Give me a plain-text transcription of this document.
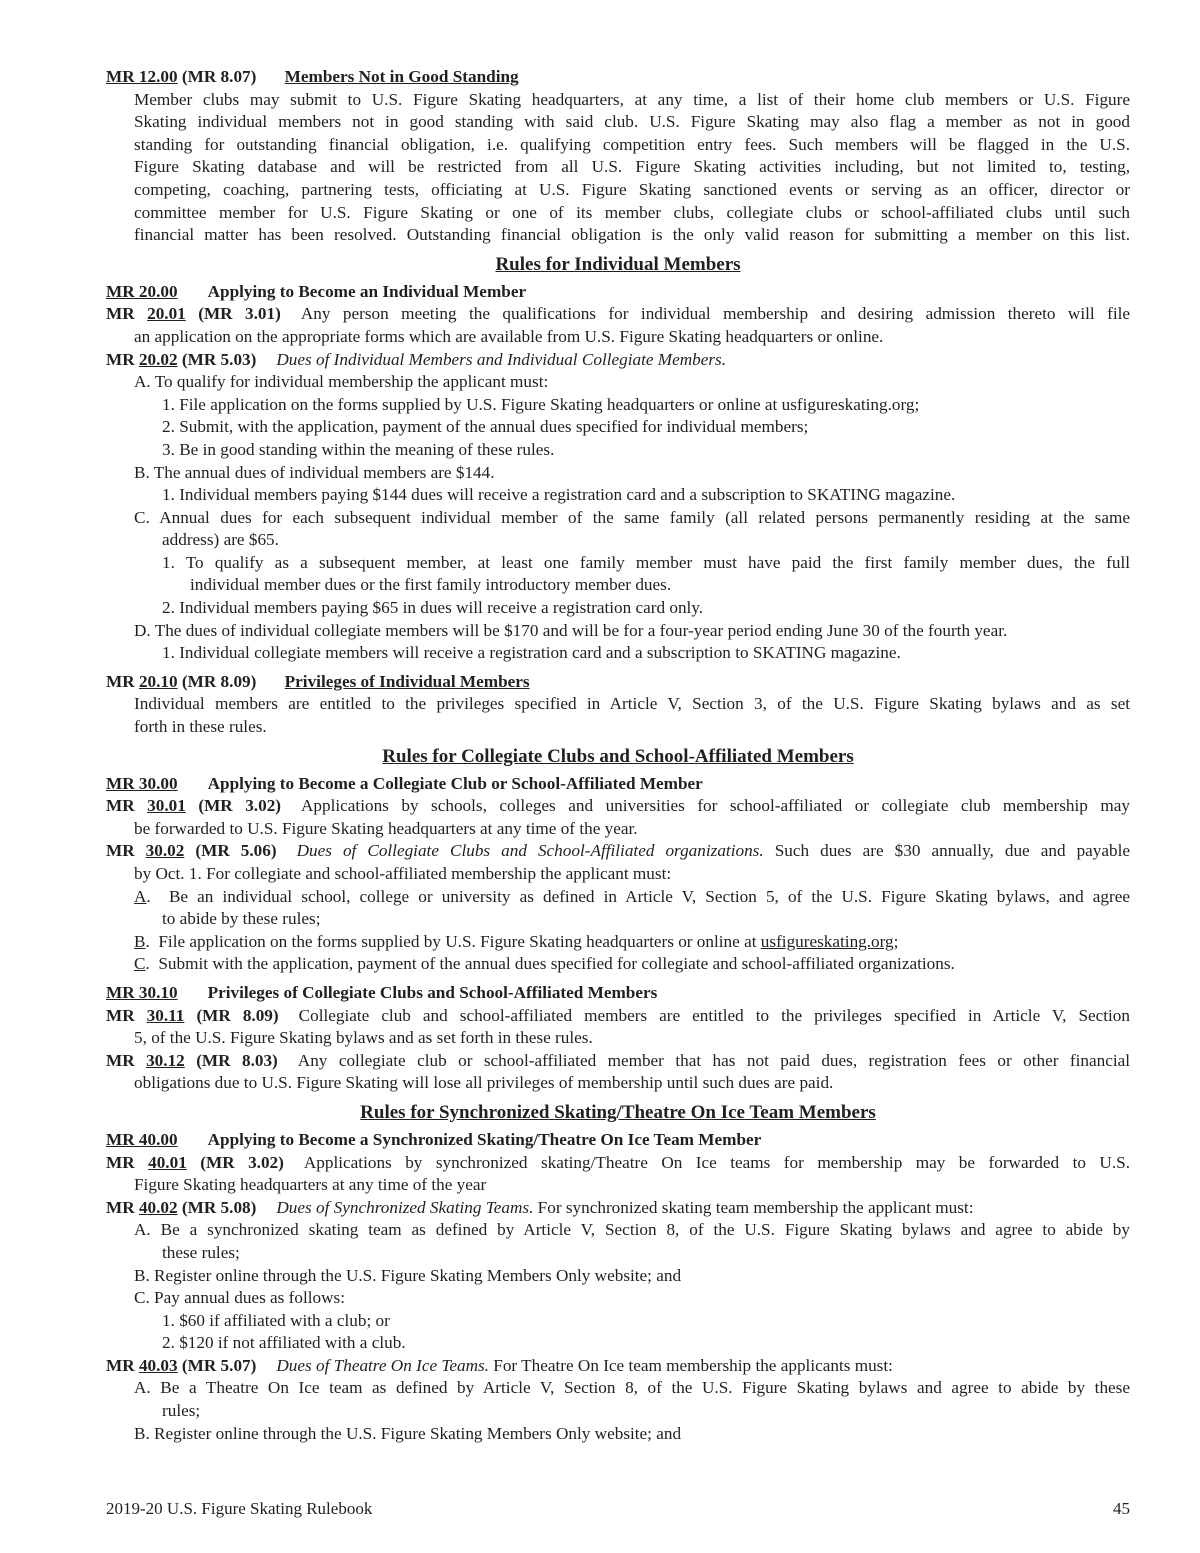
MR 12.00 (MR 8.07) Members Not in Good Standing

Member clubs may submit to U.S. Figure Skating headquarters, at any time, a list of their home club members or U.S. Figure

Skating individual members not in good standing with said club. U.S. Figure Skating may also flag a member as not in good

standing for outstanding financial obligation, i.e. qualifying competition entry fees. Such members will be flagged in the U.S.

Figure Skating database and will be restricted from all U.S. Figure Skating activities including, but not limited to, testing,

competing, coaching, partnering tests, officiating at U.S. Figure Skating sanctioned events or serving as an officer, director or

committee member for U.S. Figure Skating or one of its member clubs, collegiate clubs or school-affiliated clubs until such

financial matter has been resolved. Outstanding financial obligation is the only valid reason for submitting a member on this list.

Rules for Individual Members

MR 20.00 Applying to Become an Individual Member

MR 20.01 (MR 3.01) Any person meeting the qualifications for individual membership and desiring admission thereto will file

an application on the appropriate forms which are available from U.S. Figure Skating headquarters or online.

MR 20.02 (MR 5.03) Dues of Individual Members and Individual Collegiate Members.

A. To qualify for individual membership the applicant must:

1. File application on the forms supplied by U.S. Figure Skating headquarters or online at usfigureskating.org;

2. Submit, with the application, payment of the annual dues specified for individual members;

3. Be in good standing within the meaning of these rules.

B. The annual dues of individual members are $144.

1. Individual members paying $144 dues will receive a registration card and a subscription to SKATING magazine.

C. Annual dues for each subsequent individual member of the same family (all related persons permanently residing at the same

address) are $65.

1. To qualify as a subsequent member, at least one family member must have paid the first family member dues, the full

individual member dues or the first family introductory member dues.

2. Individual members paying $65 in dues will receive a registration card only.

D. The dues of individual collegiate members will be $170 and will be for a four-year period ending June 30 of the fourth year.

1. Individual collegiate members will receive a registration card and a subscription to SKATING magazine.

MR 20.10 (MR 8.09) Privileges of Individual Members

Individual members are entitled to the privileges specified in Article V, Section 3, of the U.S. Figure Skating bylaws and as set

forth in these rules.

Rules for Collegiate Clubs and School-Affiliated Members

MR 30.00 Applying to Become a Collegiate Club or School-Affiliated Member

MR 30.01 (MR 3.02) Applications by schools, colleges and universities for school-affiliated or collegiate club membership may

be forwarded to U.S. Figure Skating headquarters at any time of the year.

MR 30.02 (MR 5.06) Dues of Collegiate Clubs and School-Affiliated organizations. Such dues are $30 annually, due and payable

by Oct. 1. For collegiate and school-affiliated membership the applicant must:

A.  Be an individual school, college or university as defined in Article V, Section 5, of the U.S. Figure Skating bylaws, and agree

to abide by these rules;

B.  File application on the forms supplied by U.S. Figure Skating headquarters or online at usfigureskating.org;

C.  Submit with the application, payment of the annual dues specified for collegiate and school-affiliated organizations.

MR 30.10 Privileges of Collegiate Clubs and School-Affiliated Members

MR 30.11 (MR 8.09) Collegiate club and school-affiliated members are entitled to the privileges specified in Article V, Section

5, of the U.S. Figure Skating bylaws and as set forth in these rules.

MR 30.12 (MR 8.03) Any collegiate club or school-affiliated member that has not paid dues, registration fees or other financial

obligations due to U.S. Figure Skating will lose all privileges of membership until such dues are paid.

Rules for Synchronized Skating/Theatre On Ice Team Members

MR 40.00 Applying to Become a Synchronized Skating/Theatre On Ice Team Member

MR 40.01 (MR 3.02) Applications by synchronized skating/Theatre On Ice teams for membership may be forwarded to U.S.

Figure Skating headquarters at any time of the year

MR 40.02 (MR 5.08) Dues of Synchronized Skating Teams. For synchronized skating team membership the applicant must:

A. Be a synchronized skating team as defined by Article V, Section 8, of the U.S. Figure Skating bylaws and agree to abide by

these rules;

B. Register online through the U.S. Figure Skating Members Only website; and

C. Pay annual dues as follows:

1. $60 if affiliated with a club; or

2. $120 if not affiliated with a club.

MR 40.03 (MR 5.07) Dues of Theatre On Ice Teams. For Theatre On Ice team membership the applicants must:

A. Be a Theatre On Ice team as defined by Article V, Section 8, of the U.S. Figure Skating bylaws and agree to abide by these

rules;

B. Register online through the U.S. Figure Skating Members Only website; and

2019-20 U.S. Figure Skating Rulebook	45
